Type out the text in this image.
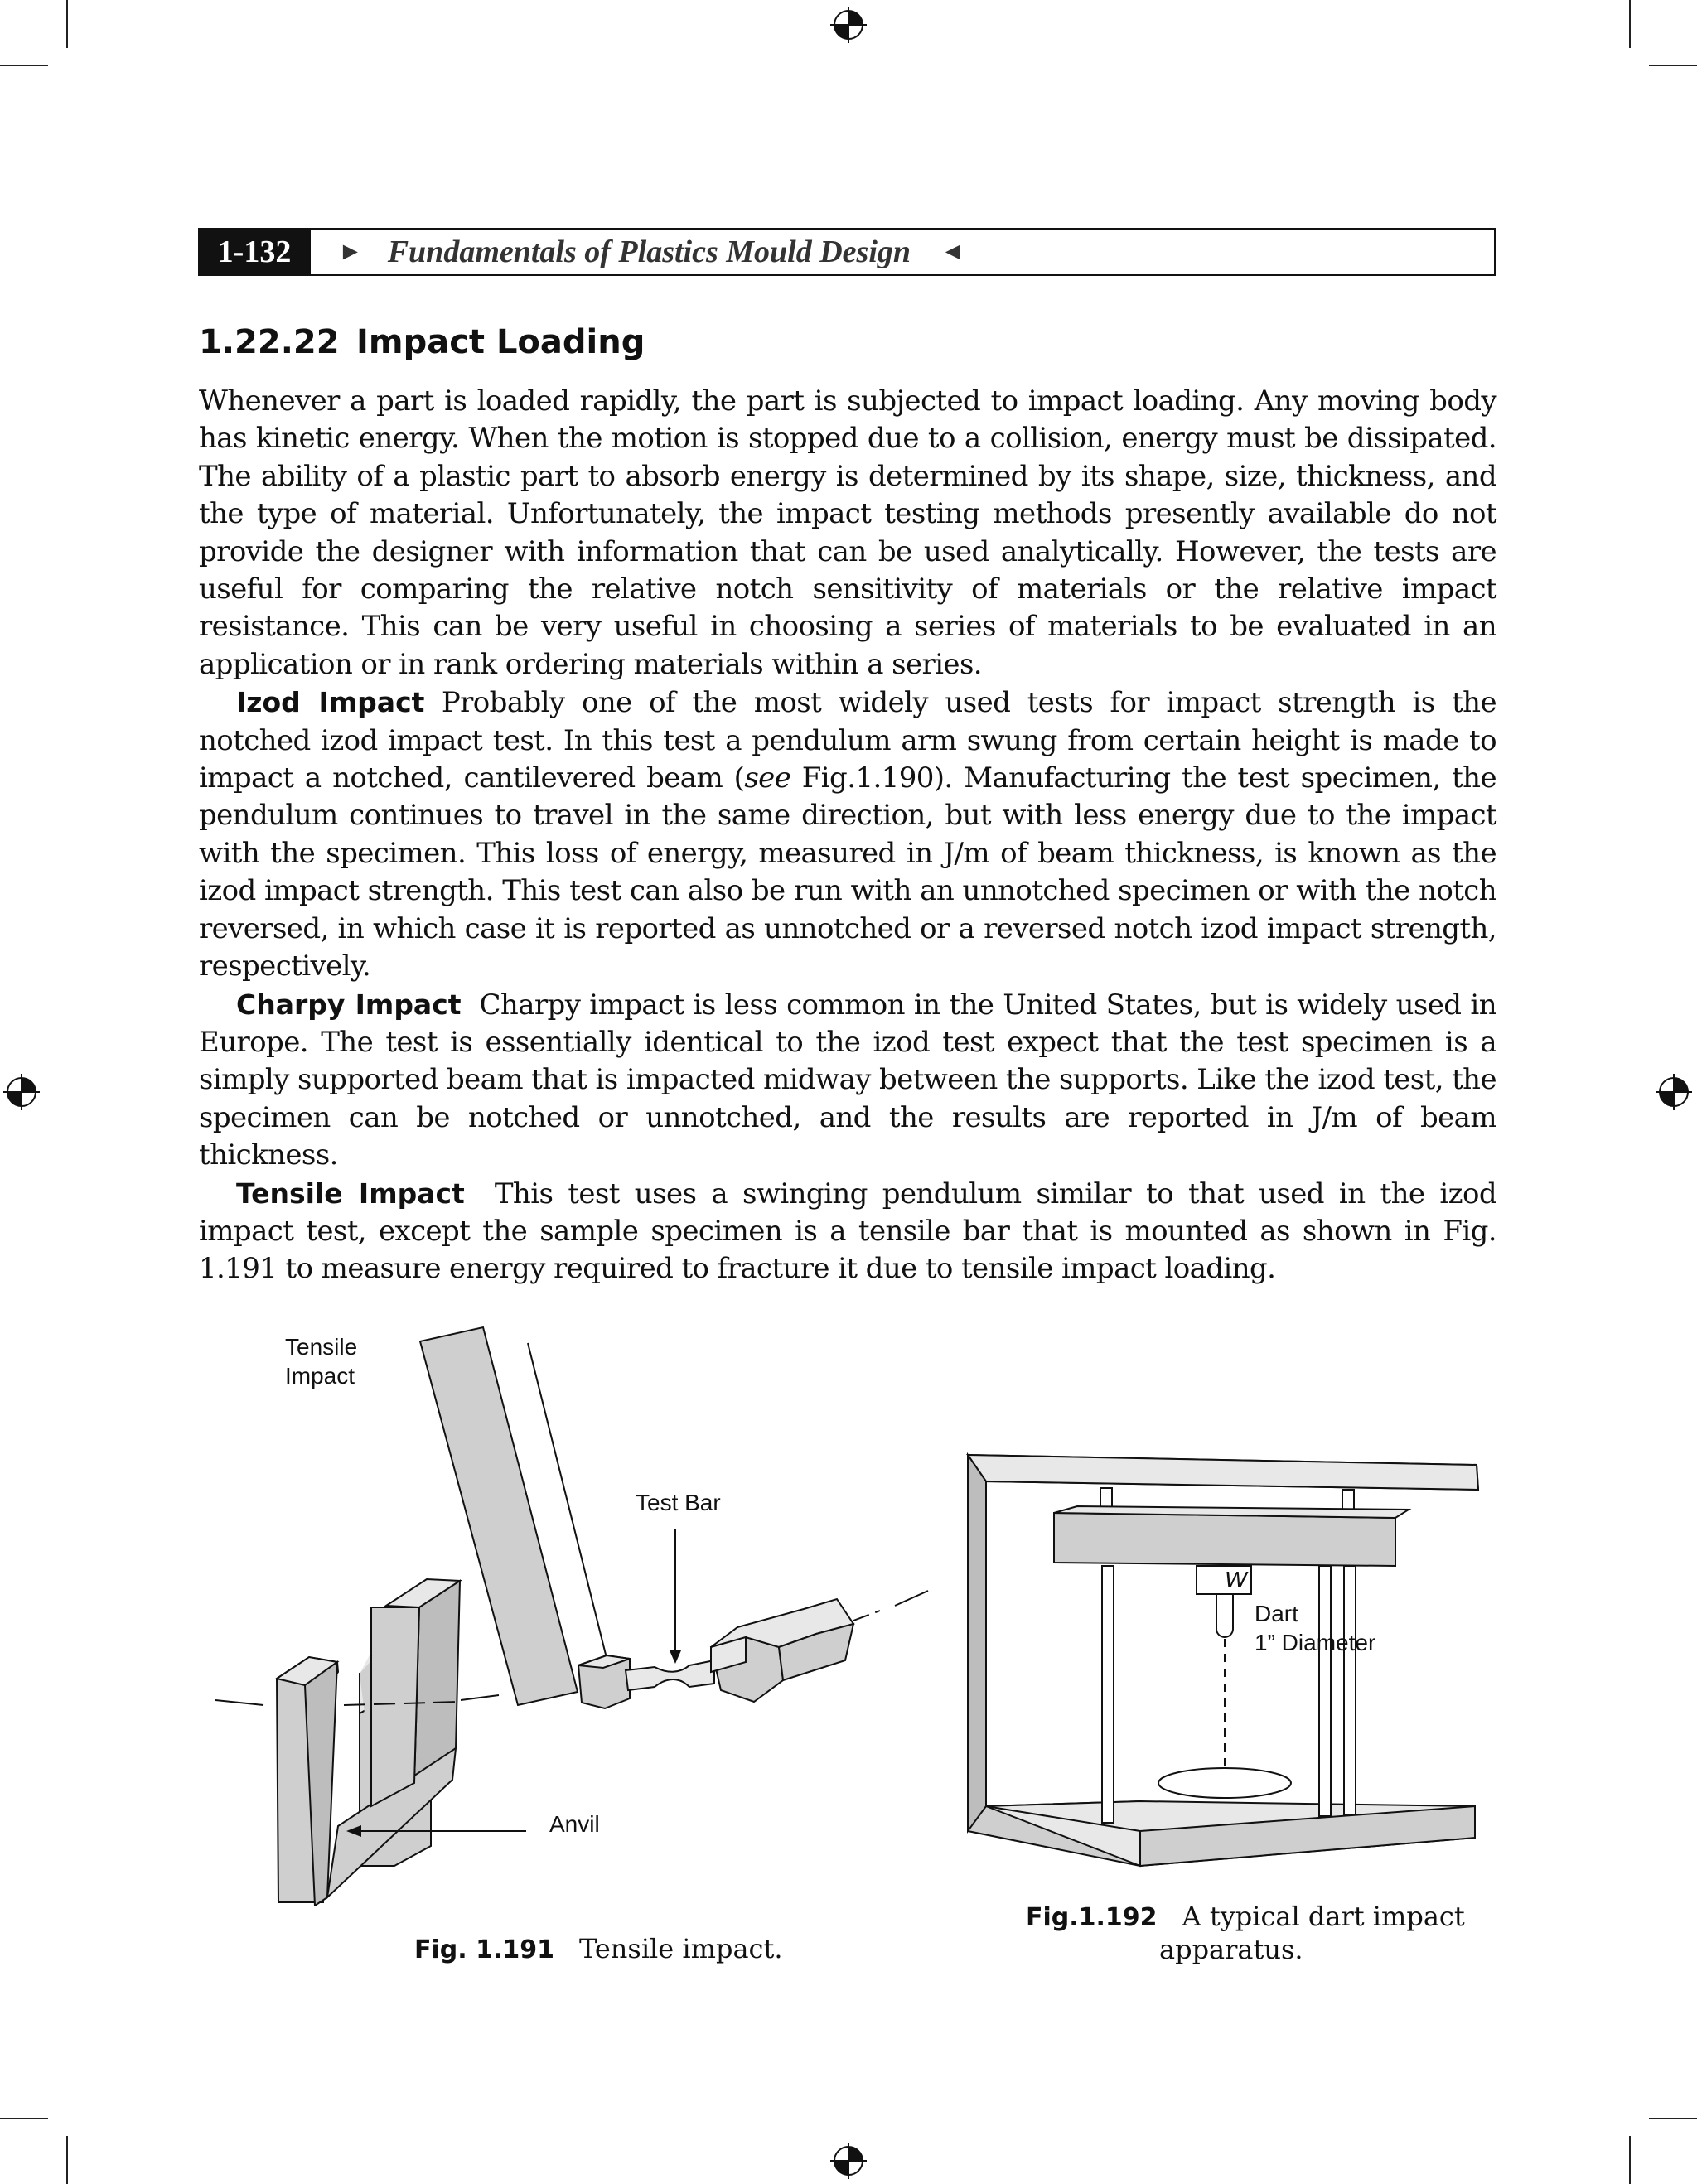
1-132	► Fundamentals of Plastics Mould Design ◄
1.22.22 Impact Loading

Whenever a part is loaded rapidly, the part is subjected to impact loading. Any moving body has kinetic energy. When the motion is stopped due to a collision, energy must be dissipated. The ability of a plastic part to absorb energy is determined by its shape, size, thickness, and the type of material. Unfortunately, the impact testing methods presently available do not provide the designer with information that can be used analytically. However, the tests are useful for comparing the relative notch sensitivity of materials or the relative impact resistance. This can be very useful in choosing a series of materials to be evaluated in an application or in rank ordering materials within a series.

Izod Impact Probably one of the most widely used tests for impact strength is the notched izod impact test. In this test a pendulum arm swung from certain height is made to impact a notched, cantilevered beam (see Fig.1.190). Manufacturing the test specimen, the pendulum continues to travel in the same direction, but with less energy due to the impact with the specimen. This loss of energy, measured in J/m of beam thickness, is known as the izod impact strength. This test can also be run with an unnotched specimen or with the notch reversed, in which case it is reported as unnotched or a reversed notch izod impact strength, respectively.

Charpy Impact  Charpy impact is less common in the United States, but is widely used in Europe. The test is essentially identical to the izod test expect that the test specimen is a simply supported beam that is impacted midway between the supports. Like the izod test, the specimen can be notched or unnotched, and the results are reported in J/m of beam thickness.

Tensile Impact  This test uses a swinging pendulum similar to that used in the izod impact test, except the sample specimen is a tensile bar that is mounted as shown in Fig. 1.191 to measure energy required to fracture it due to tensile impact loading.

Tensile
Impact
Test Bar
Anvil
Fig. 1.191 Tensile impact.
W
Dart
1” Diameter
Fig.1.192 A typical dart impact
apparatus.
